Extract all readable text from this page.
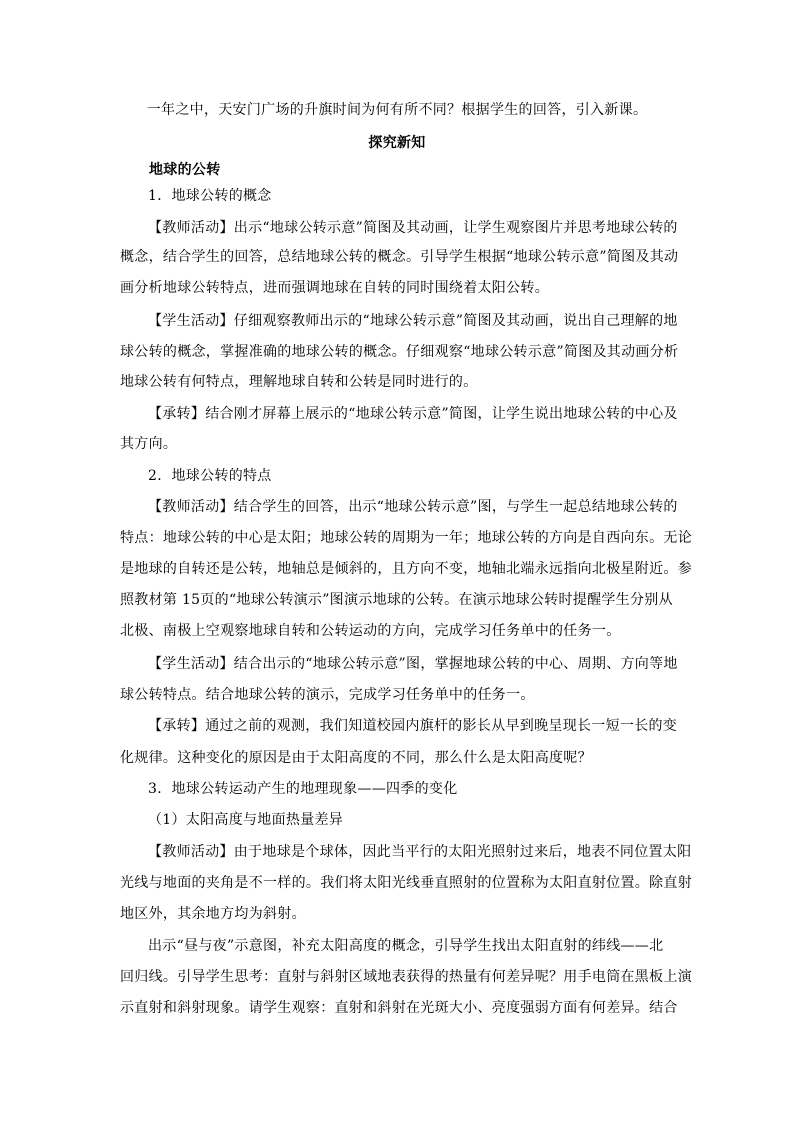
一年之中，天安门广场的升旗时间为何有所不同？根据学生的回答，引入新课。
探究新知
地球的公转
1．地球公转的概念
【教师活动】出示“地球公转示意”简图及其动画，让学生观察图片并思考地球公转的
概念，结合学生的回答，总结地球公转的概念。引导学生根据“地球公转示意”简图及其动
画分析地球公转特点，进而强调地球在自转的同时围绕着太阳公转。
【学生活动】仔细观察教师出示的“地球公转示意”简图及其动画，说出自己理解的地
球公转的概念，掌握准确的地球公转的概念。仔细观察“地球公转示意”简图及其动画分析
地球公转有何特点，理解地球自转和公转是同时进行的。
【承转】结合刚才屏幕上展示的“地球公转示意”简图，让学生说出地球公转的中心及
其方向。
2．地球公转的特点
【教师活动】结合学生的回答，出示“地球公转示意”图，与学生一起总结地球公转的
特点：地球公转的中心是太阳；地球公转的周期为一年；地球公转的方向是自西向东。无论
是地球的自转还是公转，地轴总是倾斜的，且方向不变，地轴北端永远指向北极星附近。参
照教材第 15页的“地球公转演示”图演示地球的公转。在演示地球公转时提醒学生分别从
北极、南极上空观察地球自转和公转运动的方向，完成学习任务单中的任务一。
【学生活动】结合出示的“地球公转示意”图，掌握地球公转的中心、周期、方向等地
球公转特点。结合地球公转的演示，完成学习任务单中的任务一。
【承转】通过之前的观测，我们知道校园内旗杆的影长从早到晚呈现长一短一长的变
化规律。这种变化的原因是由于太阳高度的不同，那么什么是太阳高度呢？
3．地球公转运动产生的地理现象——四季的变化
（1）太阳高度与地面热量差异
【教师活动】由于地球是个球体，因此当平行的太阳光照射过来后，地表不同位置太阳
光线与地面的夹角是不一样的。我们将太阳光线垂直照射的位置称为太阳直射位置。除直射
地区外，其余地方均为斜射。
出示“昼与夜”示意图，补充太阳高度的概念，引导学生找出太阳直射的纬线——北
回归线。引导学生思考：直射与斜射区域地表获得的热量有何差异呢？用手电筒在黑板上演
示直射和斜射现象。请学生观察：直射和斜射在光斑大小、亮度强弱方面有何差异。结合
